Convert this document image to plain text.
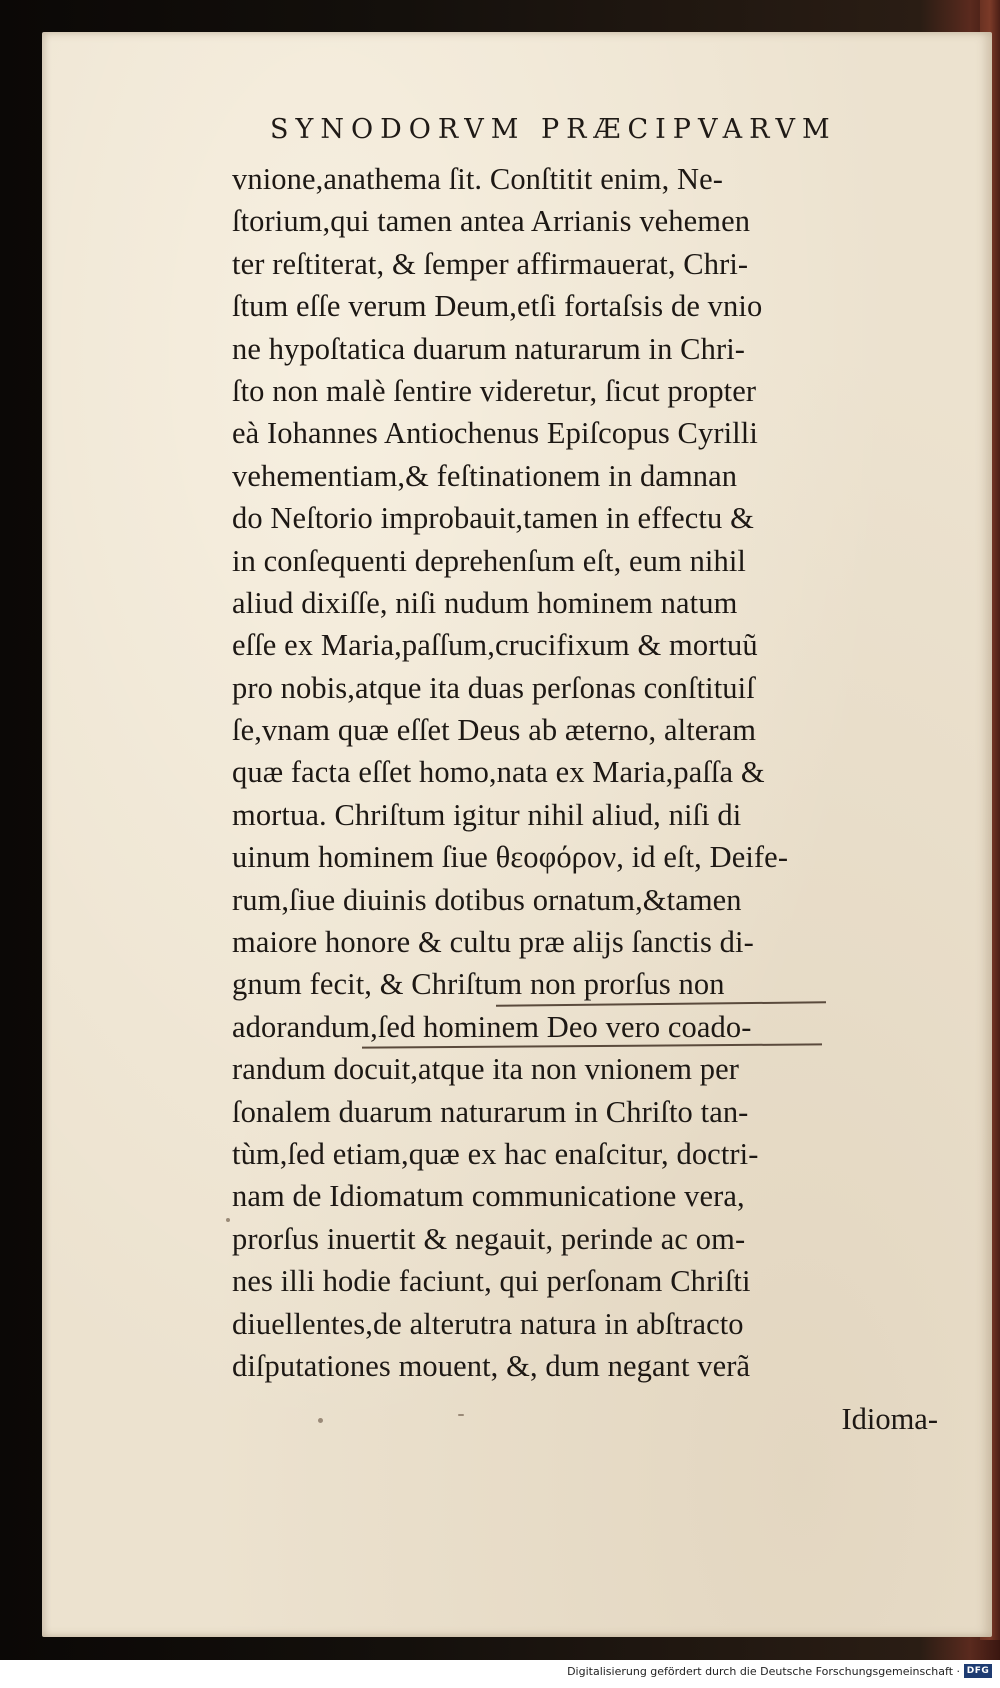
SYNODORVM PRÆCIPVARVM
vnione,anathema ſit. Conſtitit enim, Ne-
ſtorium,qui tamen antea Arrianis vehemen
ter reſtiterat, & ſemper affirmauerat, Chri-
ſtum eſſe verum Deum,etſi fortaſsis de vnio
ne hypoſtatica duarum naturarum in Chri-
ſto non malè ſentire videretur, ſicut propter
eà Iohannes Antiochenus Epiſcopus Cyrilli
vehementiam,& feſtinationem in damnan
do Neſtorio improbauit,tamen in effectu &
in conſequenti deprehenſum eſt, eum nihil
aliud dixiſſe, niſi nudum hominem natum
eſſe ex Maria,paſſum,crucifixum & mortuũ
pro nobis,atque ita duas perſonas conſtituiſ
ſe,vnam quæ eſſet Deus ab æterno, alteram
quæ facta eſſet homo,nata ex Maria,paſſa &
mortua. Chriſtum igitur nihil aliud, niſi di
uinum hominem ſiue θεοφόρον, id eſt, Deife-
rum,ſiue diuinis dotibus ornatum,&tamen
maiore honore & cultu præ alijs ſanctis di-
gnum fecit, & Chriſtum non prorſus non
adorandum,ſed hominem Deo vero coado-
randum docuit,atque ita non vnionem per
ſonalem duarum naturarum in Chriſto tan-
tùm,ſed etiam,quæ ex hac enaſcitur, doctri-
nam de Idiomatum communicatione vera,
prorſus inuertit & negauit, perinde ac om-
nes illi hodie faciunt, qui perſonam Chriſti
diuellentes,de alterutra natura in abſtracto
diſputationes mouent, &, dum negant verã
Idioma-
Digitalisierung gefördert durch die Deutsche Forschungsgemeinschaft · DFG
